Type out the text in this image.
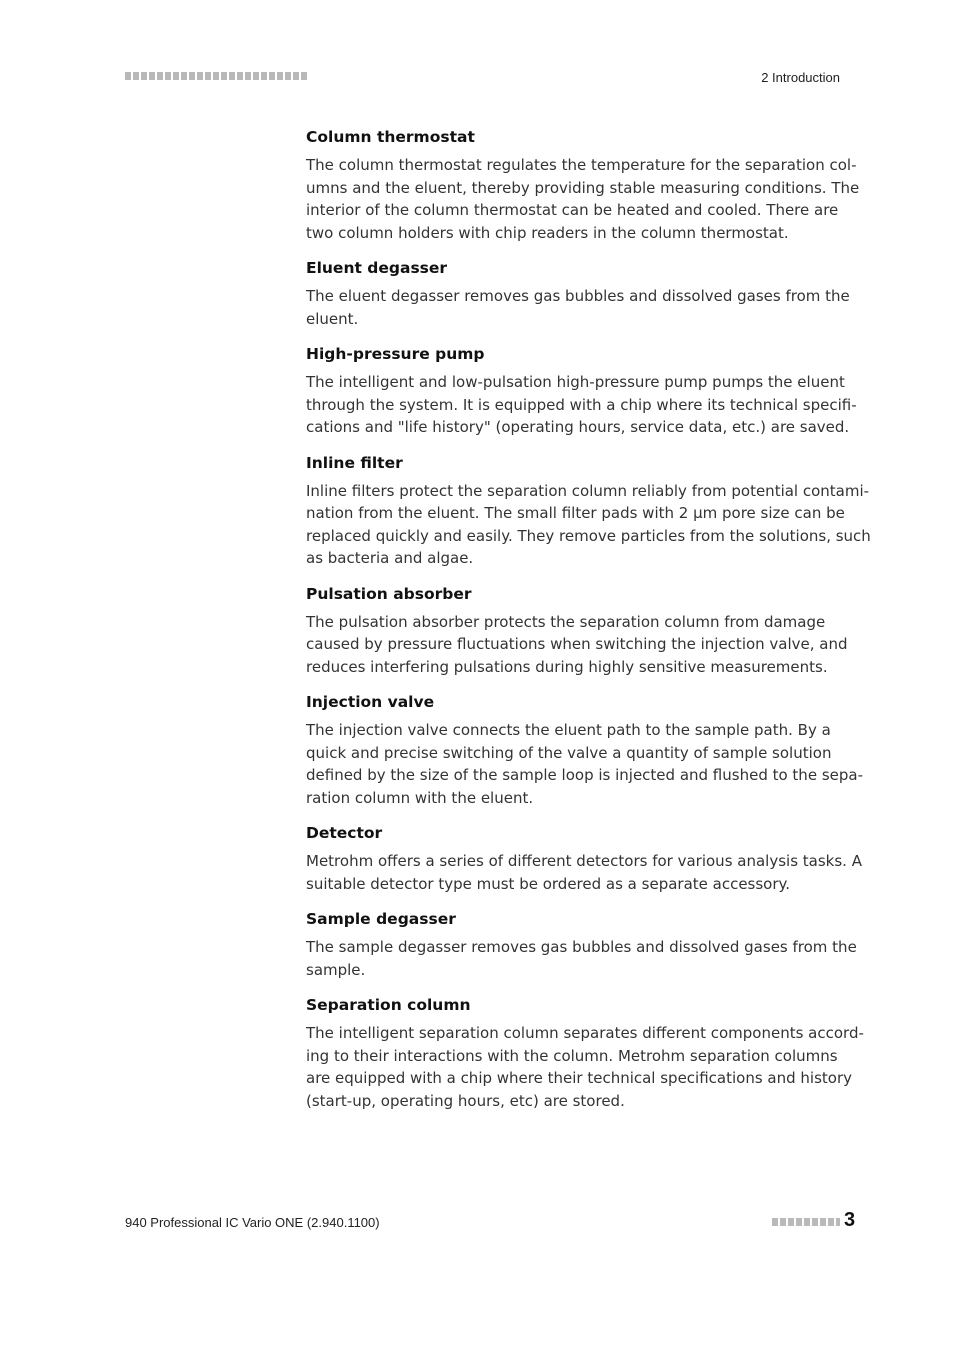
2 Introduction
Column thermostat
The column thermostat regulates the temperature for the separation col-
umns and the eluent, thereby providing stable measuring conditions. The
interior of the column thermostat can be heated and cooled. There are
two column holders with chip readers in the column thermostat.
Eluent degasser
The eluent degasser removes gas bubbles and dissolved gases from the
eluent.
High-pressure pump
The intelligent and low-pulsation high-pressure pump pumps the eluent
through the system. It is equipped with a chip where its technical specifi-
cations and "life history" (operating hours, service data, etc.) are saved.
Inline filter
Inline filters protect the separation column reliably from potential contami-
nation from the eluent. The small filter pads with 2 µm pore size can be
replaced quickly and easily. They remove particles from the solutions, such
as bacteria and algae.
Pulsation absorber
The pulsation absorber protects the separation column from damage
caused by pressure fluctuations when switching the injection valve, and
reduces interfering pulsations during highly sensitive measurements.
Injection valve
The injection valve connects the eluent path to the sample path. By a
quick and precise switching of the valve a quantity of sample solution
defined by the size of the sample loop is injected and flushed to the sepa-
ration column with the eluent.
Detector
Metrohm offers a series of different detectors for various analysis tasks. A
suitable detector type must be ordered as a separate accessory.
Sample degasser
The sample degasser removes gas bubbles and dissolved gases from the
sample.
Separation column
The intelligent separation column separates different components accord-
ing to their interactions with the column. Metrohm separation columns
are equipped with a chip where their technical specifications and history
(start-up, operating hours, etc) are stored.
940 Professional IC Vario ONE (2.940.1100)	3
